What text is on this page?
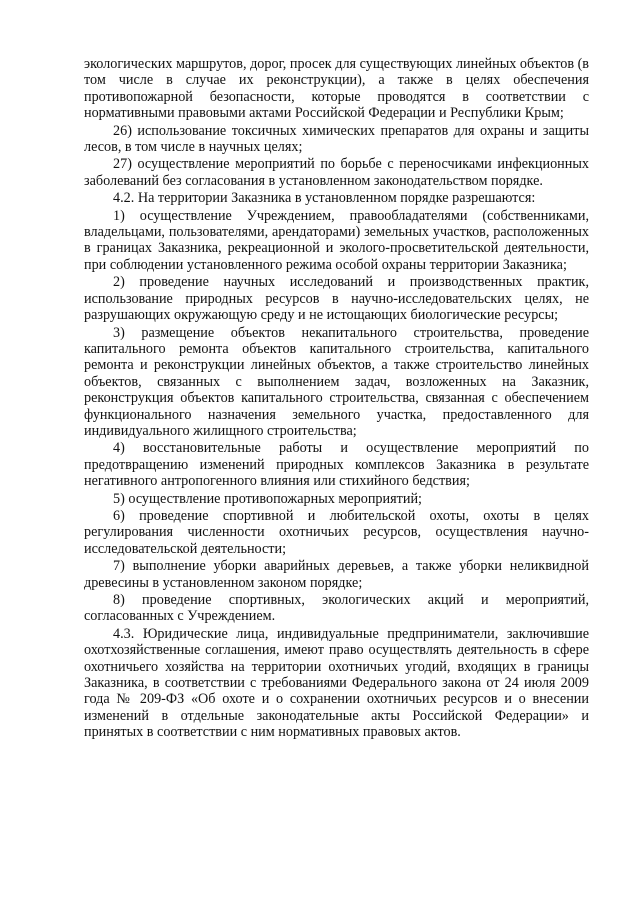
экологических маршрутов, дорог, просек для существующих линейных объектов (в том числе в случае их реконструкции), а также в целях обеспечения противопожарной безопасности, которые проводятся в соответствии с нормативными правовыми актами Российской Федерации и Республики Крым;

26) использование токсичных химических препаратов для охраны и защиты лесов, в том числе в научных целях;

27) осуществление мероприятий по борьбе с переносчиками инфекционных заболеваний без согласования в установленном законодательством порядке.

4.2. На территории Заказника в установленном порядке разрешаются:

1) осуществление Учреждением, правообладателями (собственниками, владельцами, пользователями, арендаторами) земельных участков, расположенных в границах Заказника, рекреационной и эколого-просветительской деятельности, при соблюдении установленного режима особой охраны территории Заказника;

2) проведение научных исследований и производственных практик, использование природных ресурсов в научно-исследовательских целях, не разрушающих окружающую среду и не истощающих биологические ресурсы;

3) размещение объектов некапитального строительства, проведение капитального ремонта объектов капитального строительства, капитального ремонта и реконструкции линейных объектов, а также строительство линейных объектов, связанных с выполнением задач, возложенных на Заказник, реконструкция объектов капитального строительства, связанная с обеспечением функционального назначения земельного участка, предоставленного для индивидуального жилищного строительства;

4) восстановительные работы и осуществление мероприятий по предотвращению изменений природных комплексов Заказника в результате негативного антропогенного влияния или стихийного бедствия;

5) осуществление противопожарных мероприятий;

6) проведение спортивной и любительской охоты, охоты в целях регулирования численности охотничьих ресурсов, осуществления научно-исследовательской деятельности;

7) выполнение уборки аварийных деревьев, а также уборки неликвидной древесины в установленном законом порядке;

8) проведение спортивных, экологических акций и мероприятий, согласованных с Учреждением.

4.3. Юридические лица, индивидуальные предприниматели, заключившие охотхозяйственные соглашения, имеют право осуществлять деятельность в сфере охотничьего хозяйства на территории охотничьих угодий, входящих в границы Заказника, в соответствии с требованиями Федерального закона от 24 июля 2009 года № 209-ФЗ «Об охоте и о сохранении охотничьих ресурсов и о внесении изменений в отдельные законодательные акты Российской Федерации» и принятых в соответствии с ним нормативных правовых актов.
